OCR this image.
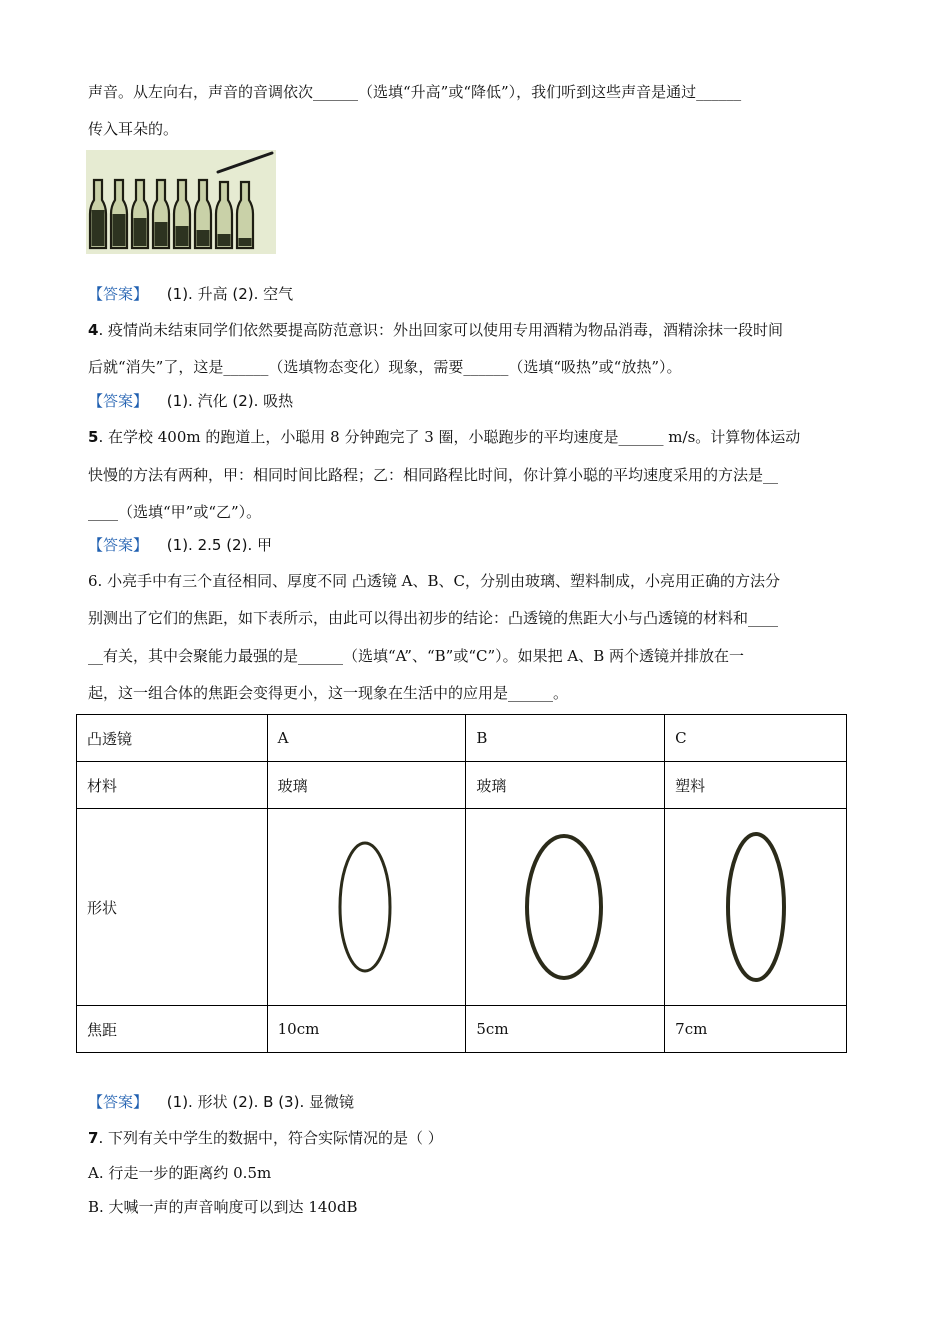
声音。从左向右，声音的音调依次______（选填“升高”或“降低”），我们听到这些声音是通过______
传入耳朵的。
【答案】 (1). 升高 (2). 空气
4. 疫情尚未结束同学们依然要提高防范意识：外出回家可以使用专用酒精为物品消毒，酒精涂抹一段时间
后就“消失”了，这是______（选填物态变化）现象，需要______（选填“吸热”或“放热”）。
【答案】 (1). 汽化 (2). 吸热
5. 在学校 400m 的跑道上，小聪用 8 分钟跑完了 3 圈，小聪跑步的平均速度是______ m/s。计算物体运动
快慢的方法有两种，甲：相同时间比路程；乙：相同路程比时间，你计算小聪的平均速度采用的方法是__
____（选填“甲”或“乙”）。
【答案】 (1). 2.5 (2). 甲
6. 小亮手中有三个直径相同、厚度不同 凸透镜 A、B、C，分别由玻璃、塑料制成，小亮用正确的方法分
别测出了它们的焦距，如下表所示，由此可以得出初步的结论：凸透镜的焦距大小与凸透镜的材料和____
__有关，其中会聚能力最强的是______（选填“A”、“B”或“C”）。如果把 A、B 两个透镜并排放在一
起，这一组合体的焦距会变得更小，这一现象在生活中的应用是______。
凸透镜	A	B	C
材料	玻璃	玻璃	塑料
形状	

焦距	10cm	5cm	7cm
【答案】 (1). 形状 (2). B (3). 显微镜
7. 下列有关中学生的数据中，符合实际情况的是（ ）
A. 行走一步的距离约 0.5m
B. 大喊一声的声音响度可以到达 140dB
